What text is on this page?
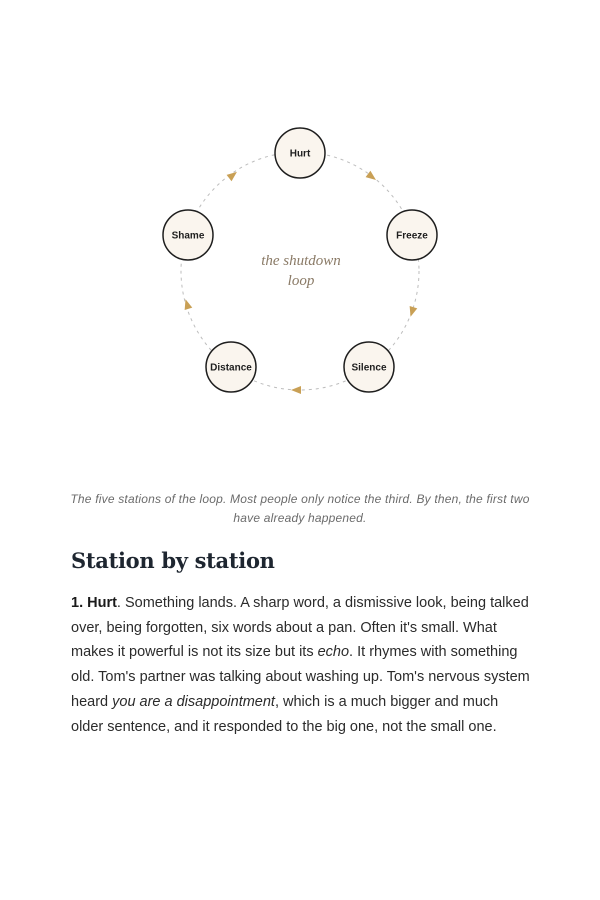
Hurt
Freeze
Silence
Distance
Shame
the shutdown
loop

The five stations of the loop. Most people only notice the third. By then, the first two have already happened.

Station by station

1. Hurt. Something lands. A sharp word, a dismissive look, being talked over, being forgotten, six words about a pan. Often it's small. What makes it powerful is not its size but its echo. It rhymes with something old. Tom's partner was talking about washing up. Tom's nervous system heard you are a disappointment, which is a much bigger and much older sentence, and it responded to the big one, not the small one.
